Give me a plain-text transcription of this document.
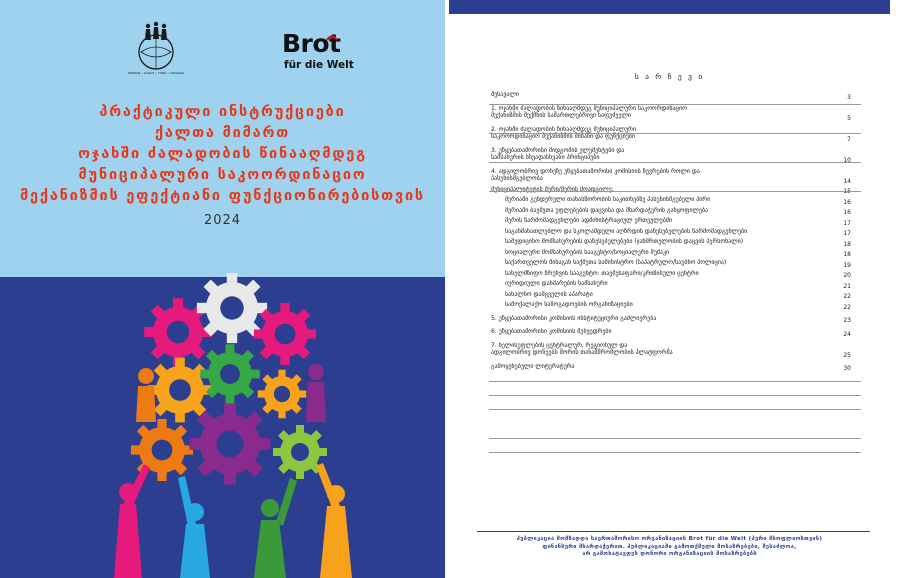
WOMAN • LOGOS • FUND • GEORGIA
Brot
für die Welt
პრაქტიკული ინსტრუქციები
ქალთა მიმართ
ოჯახში ძალადობის წინააღმდეგ
მუნიციპალური საკოორდინაციო
მექანიზმის ეფექტიანი ფუნქციონირებისთვის
2024
ს ა რ ჩ ე ვ ი
შესავალი	3
1. ოჯახში ძალადობის წინააღმდეგ მუნიციპალური საკოორდინაციო
მექანიზმის შექმნის სამართლებრივი საფუძველი	5
2. ოჯახში ძალადობის წინააღმდეგ მუნიციპალური
საკოორდინაციო მექანიზმის მიზანი და ფუნქციები	7
3. უწყებათაშორისი მიდგომის ელემენტები და
სამსახურის სხვადასხვანი პრინციპები	10
4. ადგილობრივ დონეზე უწყებათაშორისი კომისიის წევრების როლი და
პასუხისმგებლობა	14
მუნიციპალიტეტის მერი/მერის მოადგილე:	15
მერიაში გენდერული თანასწორობის საკითხებზე პასუხისმგებელი პირი	16
მერიაში ბავშვთა უფლებების დაცვისა და მხარდაჭერის განყოფილება	16
მერის წარმომადგენლები ადმინისტრაციულ ერთეულებში	17
საგანმანათლებლო და სკოლამდელი აღზრდის დაწესებულების წარმომადგენლები	17
სამედიცინო მომსახურების დაწესებულებები (ჯანმრთელობის დაცვის პერსონალი)	18
სოციალური მომსახურების სააგენტო/სოციალური მუშაკი	18
საქართველოს შინაგან საქმეთა სამინისტრო (საპატრულო/საუბნო პოლიცია)	19
სახელმწიფო ზრუნვის სააგენტო: თავშესაფარი/კრიზისული ცენტრი	20
იურიდიული დახმარების სამსახური	21
სახალხო დამცველის აპარატი	22
სამოქალაქო საზოგადოების ორგანიზაციები	22
5. უწყებათაშორისი კომისიის ინსტიტუციური გაძლიერება	23
6. უწყებათაშორისი კომისიის შეხვედრები	24
7. ხელისუფლების ცენტრალურ, რეგიონულ და
ადგილობრივ დონეებს შორის თანამშრომლობის პლატფორმა	25
გამოყენებული ლიტერატურა	30
პუბლიკაცია მომზადდა საერთაშორისო ორგანიზაციის Brot für die Welt (პური მსოფლიოსთვის)
ფინანსური მხარდაჭერით. პუბლიკაციაში გამოთქმული მოსაზრებები, შესაძლოა,
არ გამოხატავდეს დონორი ორგანიზაციის მოსაზრებებს
